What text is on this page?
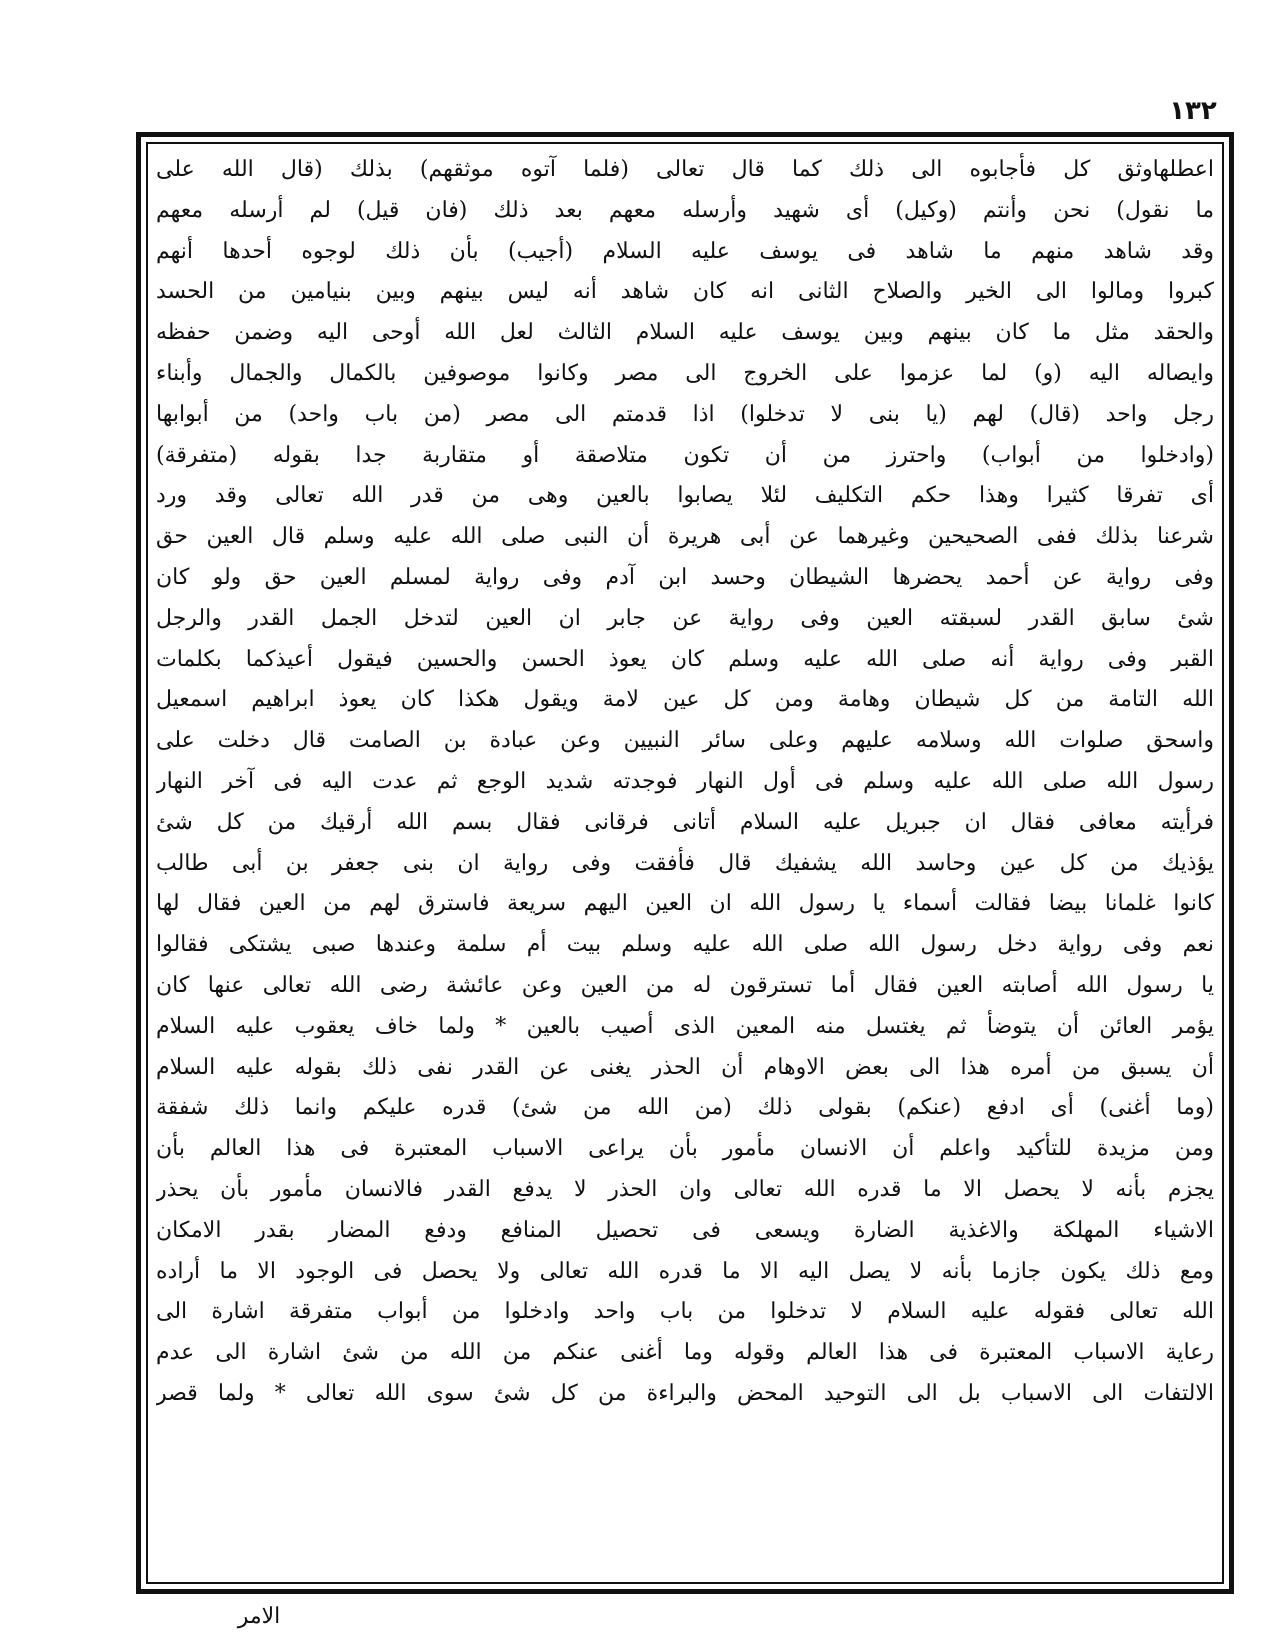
١٣٢
اعطلهاوثق كل فأجابوه الى ذلك كما قال تعالى (فلما آتوه موثقهم) بذلك (قال الله على
ما نقول) نحن وأنتم (وكيل) أى شهيد وأرسله معهم بعد ذلك (فان قيل) لم أرسله معهم
وقد شاهد منهم ما شاهد فى يوسف عليه السلام (أجيب) بأن ذلك لوجوه أحدها أنهم
كبروا ومالوا الى الخير والصلاح الثانى انه كان شاهد أنه ليس بينهم وبين بنيامين من الحسد
والحقد مثل ما كان بينهم وبين يوسف عليه السلام الثالث لعل الله أوحى اليه وضمن حفظه
وايصاله اليه (و) لما عزموا على الخروج الى مصر وكانوا موصوفين بالكمال والجمال وأبناء
رجل واحد (قال) لهم (يا بنى لا تدخلوا) اذا قدمتم الى مصر (من باب واحد) من أبوابها
(وادخلوا من أبواب) واحترز من أن تكون متلاصقة أو متقاربة جدا بقوله (متفرقة)
أى تفرقا كثيرا وهذا حكم التكليف لئلا يصابوا بالعين وهى من قدر الله تعالى وقد ورد
شرعنا بذلك ففى الصحيحين وغيرهما عن أبى هريرة أن النبى صلى الله عليه وسلم قال العين حق
وفى رواية عن أحمد يحضرها الشيطان وحسد ابن آدم وفى رواية لمسلم العين حق ولو كان
شئ سابق القدر لسبقته العين وفى رواية عن جابر ان العين لتدخل الجمل القدر والرجل
القبر وفى رواية أنه صلى الله عليه وسلم كان يعوذ الحسن والحسين فيقول أعيذكما بكلمات
الله التامة من كل شيطان وهامة ومن كل عين لامة ويقول هكذا كان يعوذ ابراهيم اسمعيل
واسحق صلوات الله وسلامه عليهم وعلى سائر النبيين وعن عبادة بن الصامت قال دخلت على
رسول الله صلى الله عليه وسلم فى أول النهار فوجدته شديد الوجع ثم عدت اليه فى آخر النهار
فرأيته معافى فقال ان جبريل عليه السلام أتانى فرقانى فقال بسم الله أرقيك من كل شئ
يؤذيك من كل عين وحاسد الله يشفيك قال فأفقت وفى رواية ان بنى جعفر بن أبى طالب
كانوا غلمانا بيضا فقالت أسماء يا رسول الله ان العين اليهم سريعة فاسترق لهم من العين فقال لها
نعم وفى رواية دخل رسول الله صلى الله عليه وسلم بيت أم سلمة وعندها صبى يشتكى فقالوا
يا رسول الله أصابته العين فقال أما تسترقون له من العين وعن عائشة رضى الله تعالى عنها كان
يؤمر العائن أن يتوضأ ثم يغتسل منه المعين الذى أصيب بالعين * ولما خاف يعقوب عليه السلام
أن يسبق من أمره هذا الى بعض الاوهام أن الحذر يغنى عن القدر نفى ذلك بقوله عليه السلام
(وما أغنى) أى ادفع (عنكم) بقولى ذلك (من الله من شئ) قدره عليكم وانما ذلك شفقة
ومن مزيدة للتأكيد واعلم أن الانسان مأمور بأن يراعى الاسباب المعتبرة فى هذا العالم بأن
يجزم بأنه لا يحصل الا ما قدره الله تعالى وان الحذر لا يدفع القدر فالانسان مأمور بأن يحذر
الاشياء المهلكة والاغذية الضارة ويسعى فى تحصيل المنافع ودفع المضار بقدر الامكان
ومع ذلك يكون جازما بأنه لا يصل اليه الا ما قدره الله تعالى ولا يحصل فى الوجود الا ما أراده
الله تعالى فقوله عليه السلام لا تدخلوا من باب واحد وادخلوا من أبواب متفرقة اشارة الى
رعاية الاسباب المعتبرة فى هذا العالم وقوله وما أغنى عنكم من الله من شئ اشارة الى عدم
الالتفات الى الاسباب بل الى التوحيد المحض والبراءة من كل شئ سوى الله تعالى * ولما قصر
الامر
